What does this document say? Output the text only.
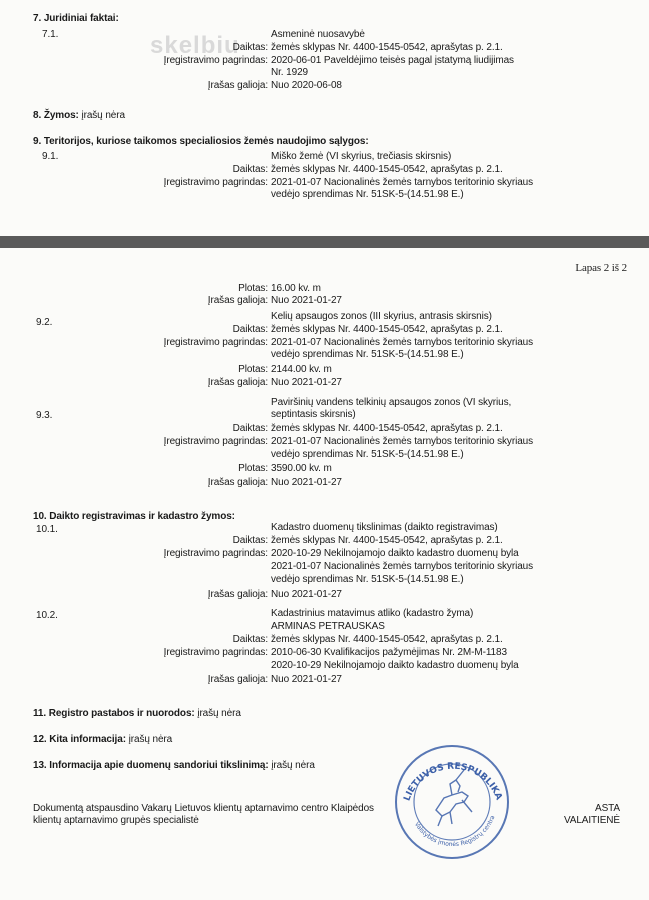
skelbiu
7. Juridiniai faktai:
7.1.	Asmeninė nuosavybė
Daiktas: žemės sklypas Nr. 4400-1545-0542, aprašytas p. 2.1.
Įregistravimo pagrindas: 2020-06-01 Paveldėjimo teisės pagal įstatymą liudijimas
Nr. 1929
Įrašas galioja: Nuo 2020-06-08
8. Žymos: įrašų nėra
9. Teritorijos, kuriose taikomos specialiosios žemės naudojimo sąlygos:
9.1.	Miško žemė (VI skyrius, trečiasis skirsnis)
Daiktas: žemės sklypas Nr. 4400-1545-0542, aprašytas p. 2.1.
Įregistravimo pagrindas: 2021-01-07 Nacionalinės žemės tarnybos teritorinio skyriaus
vedėjo sprendimas Nr. 51SK-5-(14.51.98 E.)
Lapas 2 iš 2
Plotas: 16.00 kv. m
Įrašas galioja: Nuo 2021-01-27
9.2.
Kelių apsaugos zonos (III skyrius, antrasis skirsnis)
Daiktas: žemės sklypas Nr. 4400-1545-0542, aprašytas p. 2.1.
Įregistravimo pagrindas: 2021-01-07 Nacionalinės žemės tarnybos teritorinio skyriaus
vedėjo sprendimas Nr. 51SK-5-(14.51.98 E.)
Plotas: 2144.00 kv. m
Įrašas galioja: Nuo 2021-01-27
9.3.
Paviršinių vandens telkinių apsaugos zonos (VI skyrius,
septintasis skirsnis)
Daiktas: žemės sklypas Nr. 4400-1545-0542, aprašytas p. 2.1.
Įregistravimo pagrindas: 2021-01-07 Nacionalinės žemės tarnybos teritorinio skyriaus
vedėjo sprendimas Nr. 51SK-5-(14.51.98 E.)
Plotas: 3590.00 kv. m
Įrašas galioja: Nuo 2021-01-27
10. Daikto registravimas ir kadastro žymos:
10.1.	Kadastro duomenų tikslinimas (daikto registravimas)
Daiktas: žemės sklypas Nr. 4400-1545-0542, aprašytas p. 2.1.
Įregistravimo pagrindas: 2020-10-29 Nekilnojamojo daikto kadastro duomenų byla
2021-01-07 Nacionalinės žemės tarnybos teritorinio skyriaus
vedėjo sprendimas Nr. 51SK-5-(14.51.98 E.)
Įrašas galioja: Nuo 2021-01-27
10.2.	Kadastrinius matavimus atliko (kadastro žyma)
ARMINAS PETRAUSKAS
Daiktas: žemės sklypas Nr. 4400-1545-0542, aprašytas p. 2.1.
Įregistravimo pagrindas: 2010-06-30 Kvalifikacijos pažymėjimas Nr. 2M-M-1183
2020-10-29 Nekilnojamojo daikto kadastro duomenų byla
Įrašas galioja: Nuo 2021-01-27
11. Registro pastabos ir nuorodos: įrašų nėra
12. Kita informacija: įrašų nėra
13. Informacija apie duomenų sandoriui tikslinimą: įrašų nėra
Dokumentą atspausdino Vakarų Lietuvos klientų aptarnavimo centro Klaipėdos
klientų aptarnavimo grupės specialistė
ASTA
VALAITIENĖ
LIETUVOS RESPUBLIKA
Valstybės įmonės Registrų centra
